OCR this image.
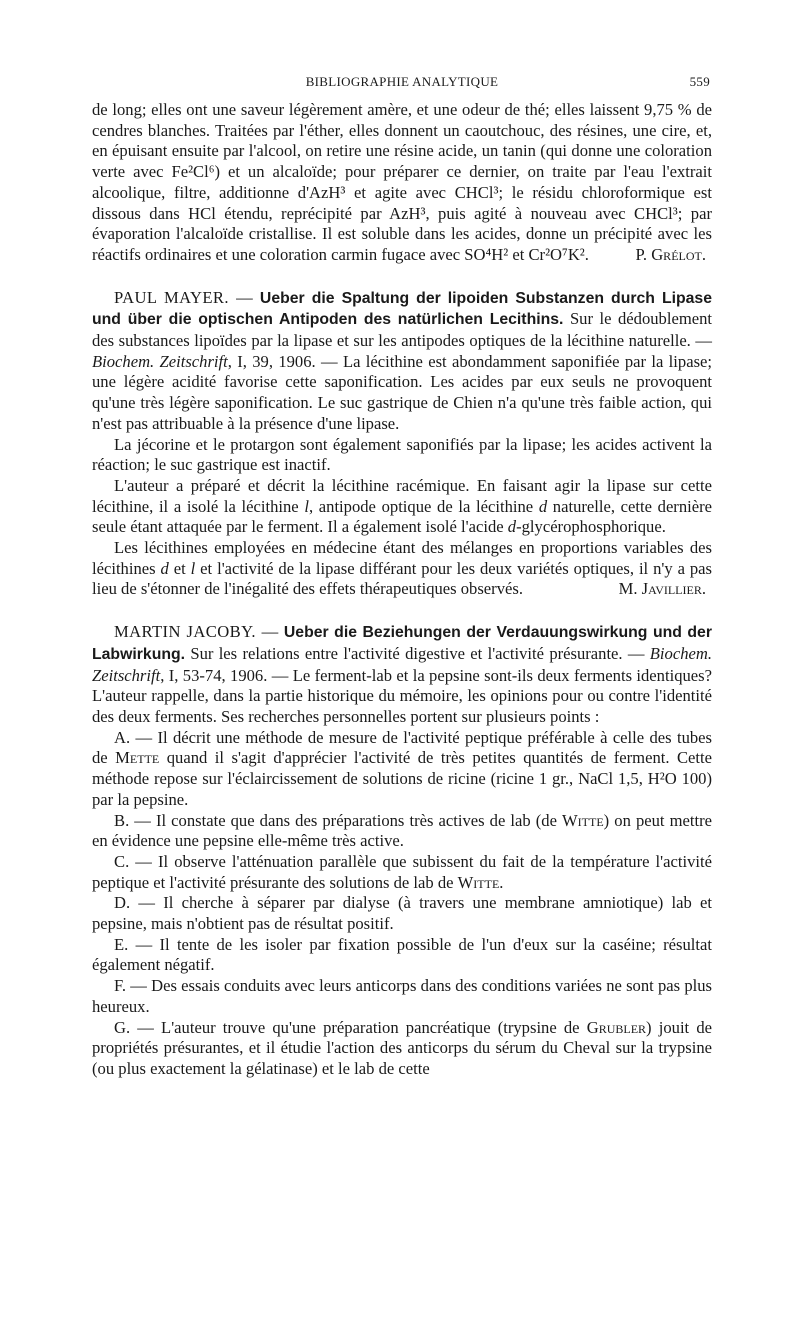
BIBLIOGRAPHIE ANALYTIQUE	559

de long; elles ont une saveur légèrement amère, et une odeur de thé; elles laissent 9,75 % de cendres blanches. Traitées par l'éther, elles donnent un caoutchouc, des résines, une cire, et, en épuisant ensuite par l'alcool, on retire une résine acide, un tanin (qui donne une coloration verte avec Fe²Cl⁶) et un alcaloïde; pour préparer ce dernier, on traite par l'eau l'extrait alcoolique, filtre, additionne d'AzH³ et agite avec CHCl³; le résidu chloroformique est dissous dans HCl étendu, reprécipité par AzH³, puis agité à nouveau avec CHCl³; par évaporation l'alcaloïde cristallise. Il est soluble dans les acides, donne un précipité avec les réactifs ordinaires et une coloration carmin fugace avec SO⁴H² et Cr²O⁷K².	P. Grélot.

PAUL MAYER. — Ueber die Spaltung der lipoiden Substanzen durch Lipase und über die optischen Antipoden des natürlichen Lecithins. Sur le dédoublement des substances lipoïdes par la lipase et sur les antipodes optiques de la lécithine naturelle. — Biochem. Zeitschrift, I, 39, 1906. — La lécithine est abondamment saponifiée par la lipase; une légère acidité favorise cette saponification. Les acides par eux seuls ne provoquent qu'une très légère saponification. Le suc gastrique de Chien n'a qu'une très faible action, qui n'est pas attribuable à la présence d'une lipase.

La jécorine et le protargon sont également saponifiés par la lipase; les acides activent la réaction; le suc gastrique est inactif.

L'auteur a préparé et décrit la lécithine racémique. En faisant agir la lipase sur cette lécithine, il a isolé la lécithine l, antipode optique de la lécithine d naturelle, cette dernière seule étant attaquée par le ferment. Il a également isolé l'acide d-glycérophosphorique.

Les lécithines employées en médecine étant des mélanges en proportions variables des lécithines d et l et l'activité de la lipase différant pour les deux variétés optiques, il n'y a pas lieu de s'étonner de l'inégalité des effets thérapeutiques observés.	M. Javillier.

MARTIN JACOBY. — Ueber die Beziehungen der Verdauungswirkung und der Labwirkung. Sur les relations entre l'activité digestive et l'activité présurante. — Biochem. Zeitschrift, I, 53-74, 1906. — Le ferment-lab et la pepsine sont-ils deux ferments identiques? L'auteur rappelle, dans la partie historique du mémoire, les opinions pour ou contre l'identité des deux ferments. Ses recherches personnelles portent sur plusieurs points :

A. — Il décrit une méthode de mesure de l'activité peptique préférable à celle des tubes de Mette quand il s'agit d'apprécier l'activité de très petites quantités de ferment. Cette méthode repose sur l'éclaircissement de solutions de ricine (ricine 1 gr., NaCl 1,5, H²O 100) par la pepsine.

B. — Il constate que dans des préparations très actives de lab (de Witte) on peut mettre en évidence une pepsine elle-même très active.

C. — Il observe l'atténuation parallèle que subissent du fait de la température l'activité peptique et l'activité présurante des solutions de lab de Witte.

D. — Il cherche à séparer par dialyse (à travers une membrane amniotique) lab et pepsine, mais n'obtient pas de résultat positif.

E. — Il tente de les isoler par fixation possible de l'un d'eux sur la caséine; résultat également négatif.

F. — Des essais conduits avec leurs anticorps dans des conditions variées ne sont pas plus heureux.

G. — L'auteur trouve qu'une préparation pancréatique (trypsine de Grubler) jouit de propriétés présurantes, et il étudie l'action des anticorps du sérum du Cheval sur la trypsine (ou plus exactement la gélatinase) et le lab de cette
